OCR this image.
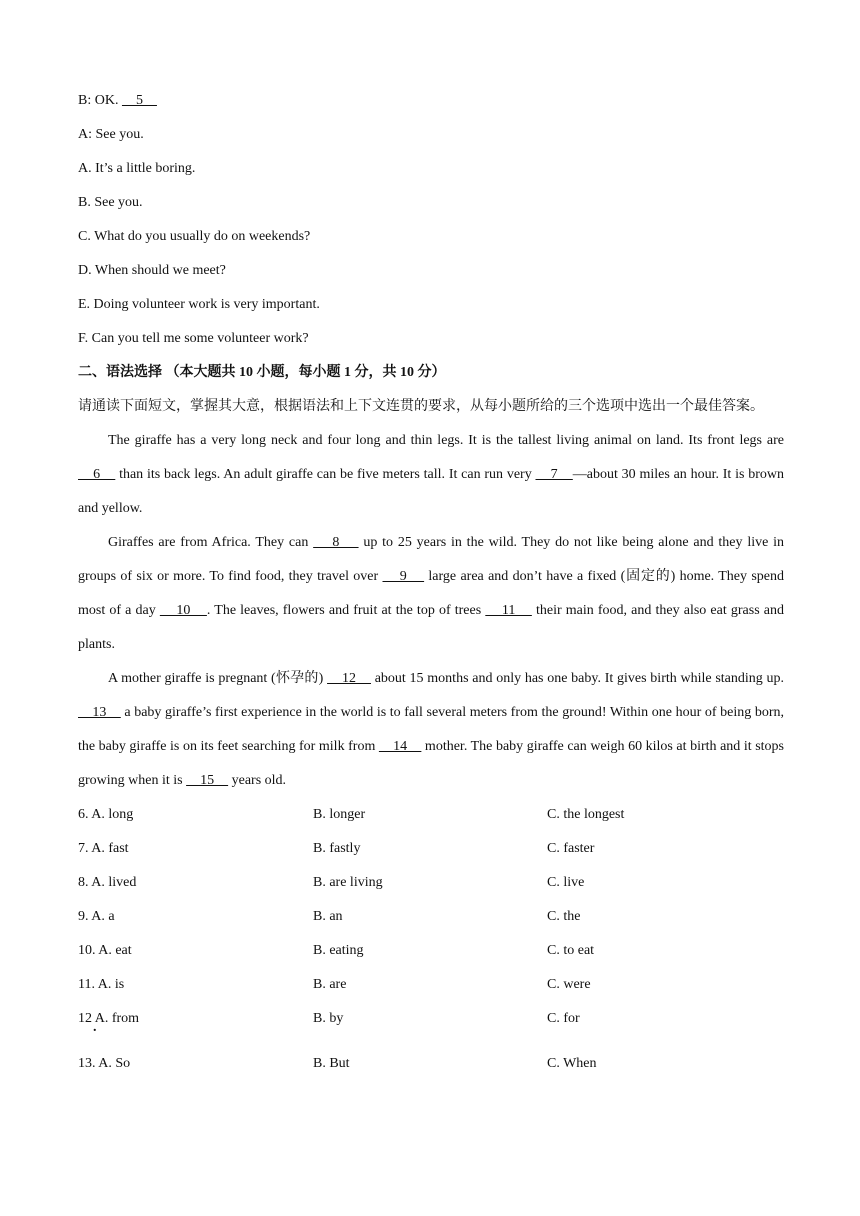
B: OK.     5
A: See you.
A. It’s a little boring.
B. See you.
C. What do you usually do on weekends?
D. When should we meet?
E. Doing volunteer work is very important.
F. Can you tell me some volunteer work?
二、语法选择 （本大题共 10 小题，每小题 1 分，共 10 分）
请通读下面短文，掌握其大意，根据语法和上下文连贯的要求，从每小题所给的三个选项中选出一个最佳答案。
The giraffe has a very long neck and four long and thin legs. It is the tallest living animal on land. Its front legs are     6     than its back legs. An adult giraffe can be five meters tall. It can run very     7    —about 30 miles an hour. It is brown and yellow.
Giraffes are from Africa. They can     8     up to 25 years in the wild. They do not like being alone and they live in groups of six or more. To find food, they travel over     9     large area and don’t have a fixed (固定的) home. They spend most of a day     10    . The leaves, flowers and fruit at the top of trees     11     their main food, and they also eat grass and plants.
A mother giraffe is pregnant (怀孕的)     12     about 15 months and only has one baby. It gives birth while standing up.     13     a baby giraffe’s first experience in the world is to fall several meters from the ground! Within one hour of being born, the baby giraffe is on its feet searching for milk from     14     mother. The baby giraffe can weigh 60 kilos at birth and it stops growing when it is     15     years old.
6. A. long	B. longer	C. the longest
7. A. fast	B. fastly	C. faster
8. A. lived	B. are living	C. live
9. A. a	B. an	C. the
10. A. eat	B. eating	C. to eat
11. A. is	B. are	C. were
12 A. from .	B. by	C. for
13. A. So	B. But	C. When
